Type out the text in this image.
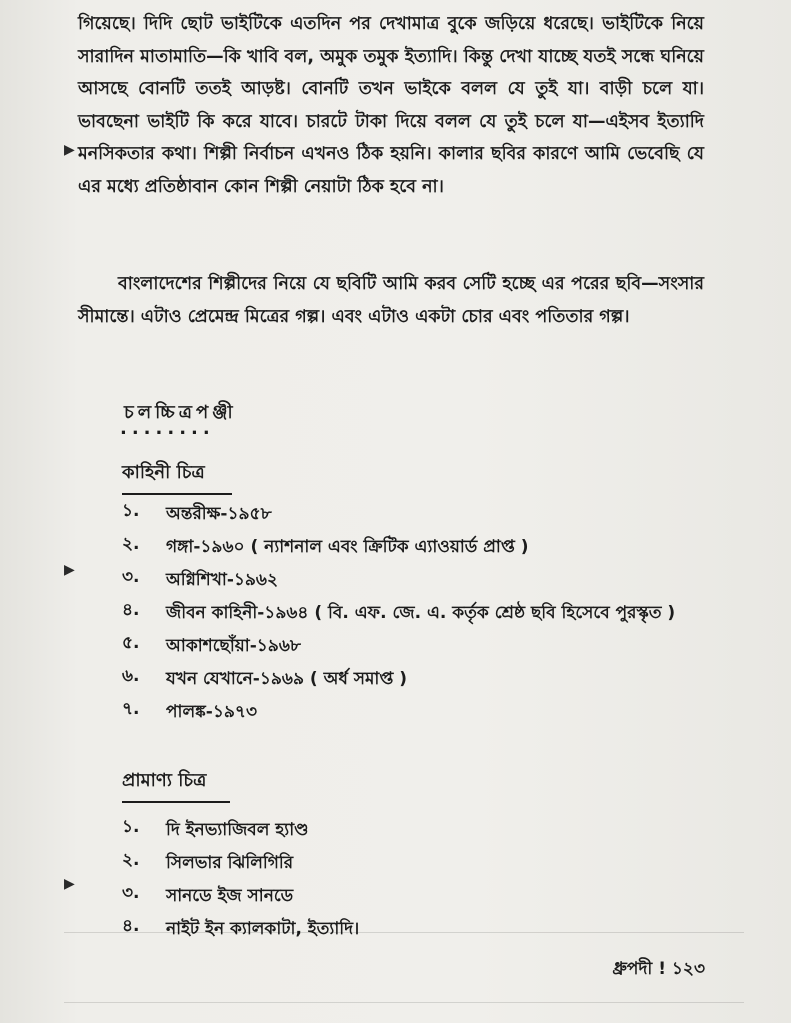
গিয়েছে। দিদি ছোট ভাইটিকে এতদিন পর দেখামাত্র বুকে জড়িয়ে ধরেছে। ভাইটিকে নিয়ে সারাদিন মাতামাতি—কি খাবি বল, অমুক তমুক ইত্যাদি। কিন্তু দেখা যাচ্ছে যতই সন্ধে ঘনিয়ে আসছে বোনটি ততই আড়ষ্ট। বোনটি তখন ভাইকে বলল যে তুই যা। বাড়ী চলে যা। ভাবছেনা ভাইটি কি করে যাবে। চারটে টাকা দিয়ে বলল যে তুই চলে যা—এইসব ইত্যাদি মনসিকতার কথা। শিল্পী নির্বাচন এখনও ঠিক হয়নি। কালার ছবির কারণে আমি ভেবেছি যে এর মধ্যে প্রতিষ্ঠাবান কোন শিল্পী নেয়াটা ঠিক হবে না।

বাংলাদেশের শিল্পীদের নিয়ে যে ছবিটি আমি করব সেটি হচ্ছে এর পরের ছবি—সংসার সীমান্তে। এটাও প্রেমেন্দ্র মিত্রের গল্প। এবং এটাও একটা চোর এবং পতিতার গল্প।

চলচ্চিত্রপঞ্জী
........
কাহিনী চিত্র
১.	অন্তরীক্ষ-১৯৫৮
২.	গঙ্গা-১৯৬০ ( ন্যাশনাল এবং ক্রিটিক এ্যাওয়ার্ড প্রাপ্ত )
৩.	অগ্নিশিখা-১৯৬২
৪.	জীবন কাহিনী-১৯৬৪ ( বি. এফ. জে. এ. কর্তৃক শ্রেষ্ঠ ছবি হিসেবে পুরস্কৃত )
৫.	আকাশছোঁয়া-১৯৬৮
৬.	যখন যেখানে-১৯৬৯ ( অর্ধ সমাপ্ত )
৭.	পালঙ্ক-১৯৭৩
প্রামাণ্য চিত্র
১.	দি ইনভ্যাজিবল হ্যাণ্ড
২.	সিলভার ঝিলিগিরি
৩.	সানডে ইজ সানডে
৪.	নাইট ইন ক্যালকাটা, ইত্যাদি।
▶
▶
▶
ধ্রুপদী ! ১২৩
